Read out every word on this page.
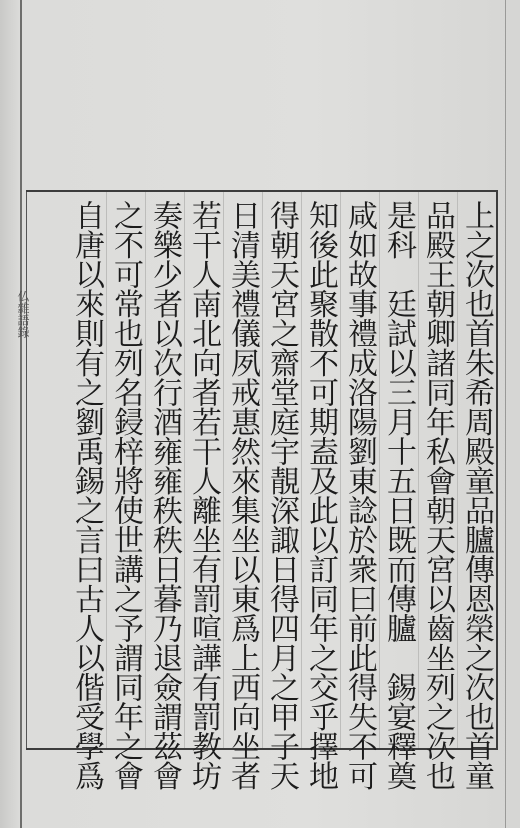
仏雜語錄	上之次也首朱希周殿童品臚傳恩榮之次也首童
品殿王朝卿諸同年私會朝天宮以齒坐列之次也
是科　廷試以三月十五日既而傳臚　錫宴釋奠
咸如故事禮成洛陽劉東諗於衆曰前此得失不可
知後此聚散不可期盍及此以訂同年之交乎擇地
得朝天宮之齋堂庭宇靚深諏日得四月之甲子天
日清美禮儀夙戒惠然來集坐以東爲上西向坐者
若干人南北向者若干人離坐有罰喧譁有罰教坊
奏樂少者以次行酒雍雍秩秩日暮乃退僉謂茲會
之不可常也列名鋟梓將使世講之予謂同年之會
自唐以來則有之劉禹錫之言曰古人以偕受學爲
